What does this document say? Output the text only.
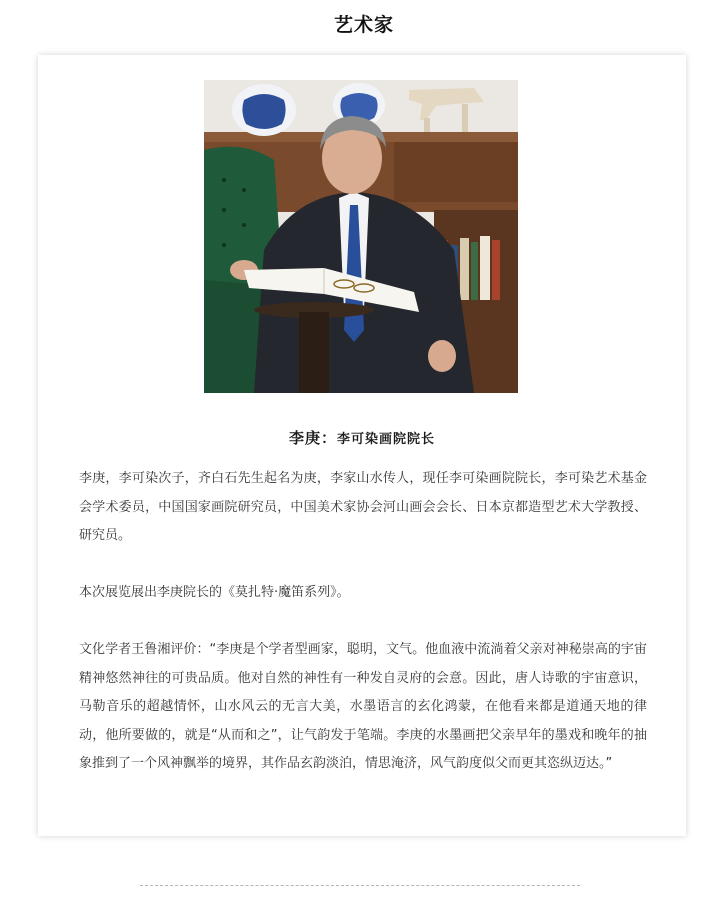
艺术家
李庚：李可染画院院长

李庚，李可染次子，齐白石先生起名为庚，李家山水传人，现任李可染画院院长，李可染艺术基金会学术委员，中国国家画院研究员，中国美术家协会河山画会会长、日本京都造型艺术大学教授、研究员。

本次展览展出李庚院长的《莫扎特·魔笛系列》。

文化学者王鲁湘评价：“李庚是个学者型画家，聪明，文气。他血液中流淌着父亲对神秘崇高的宇宙精神悠然神往的可贵品质。他对自然的神性有一种发自灵府的会意。因此，唐人诗歌的宇宙意识，马勒音乐的超越情怀，山水风云的无言大美，水墨语言的玄化鸿蒙，在他看来都是道通天地的律动，他所要做的，就是“从而和之”，让气韵发于笔端。李庚的水墨画把父亲早年的墨戏和晚年的抽象推到了一个风神飘举的境界，其作品玄韵淡泊，情思淹济，风气韵度似父而更其恣纵迈达。”
